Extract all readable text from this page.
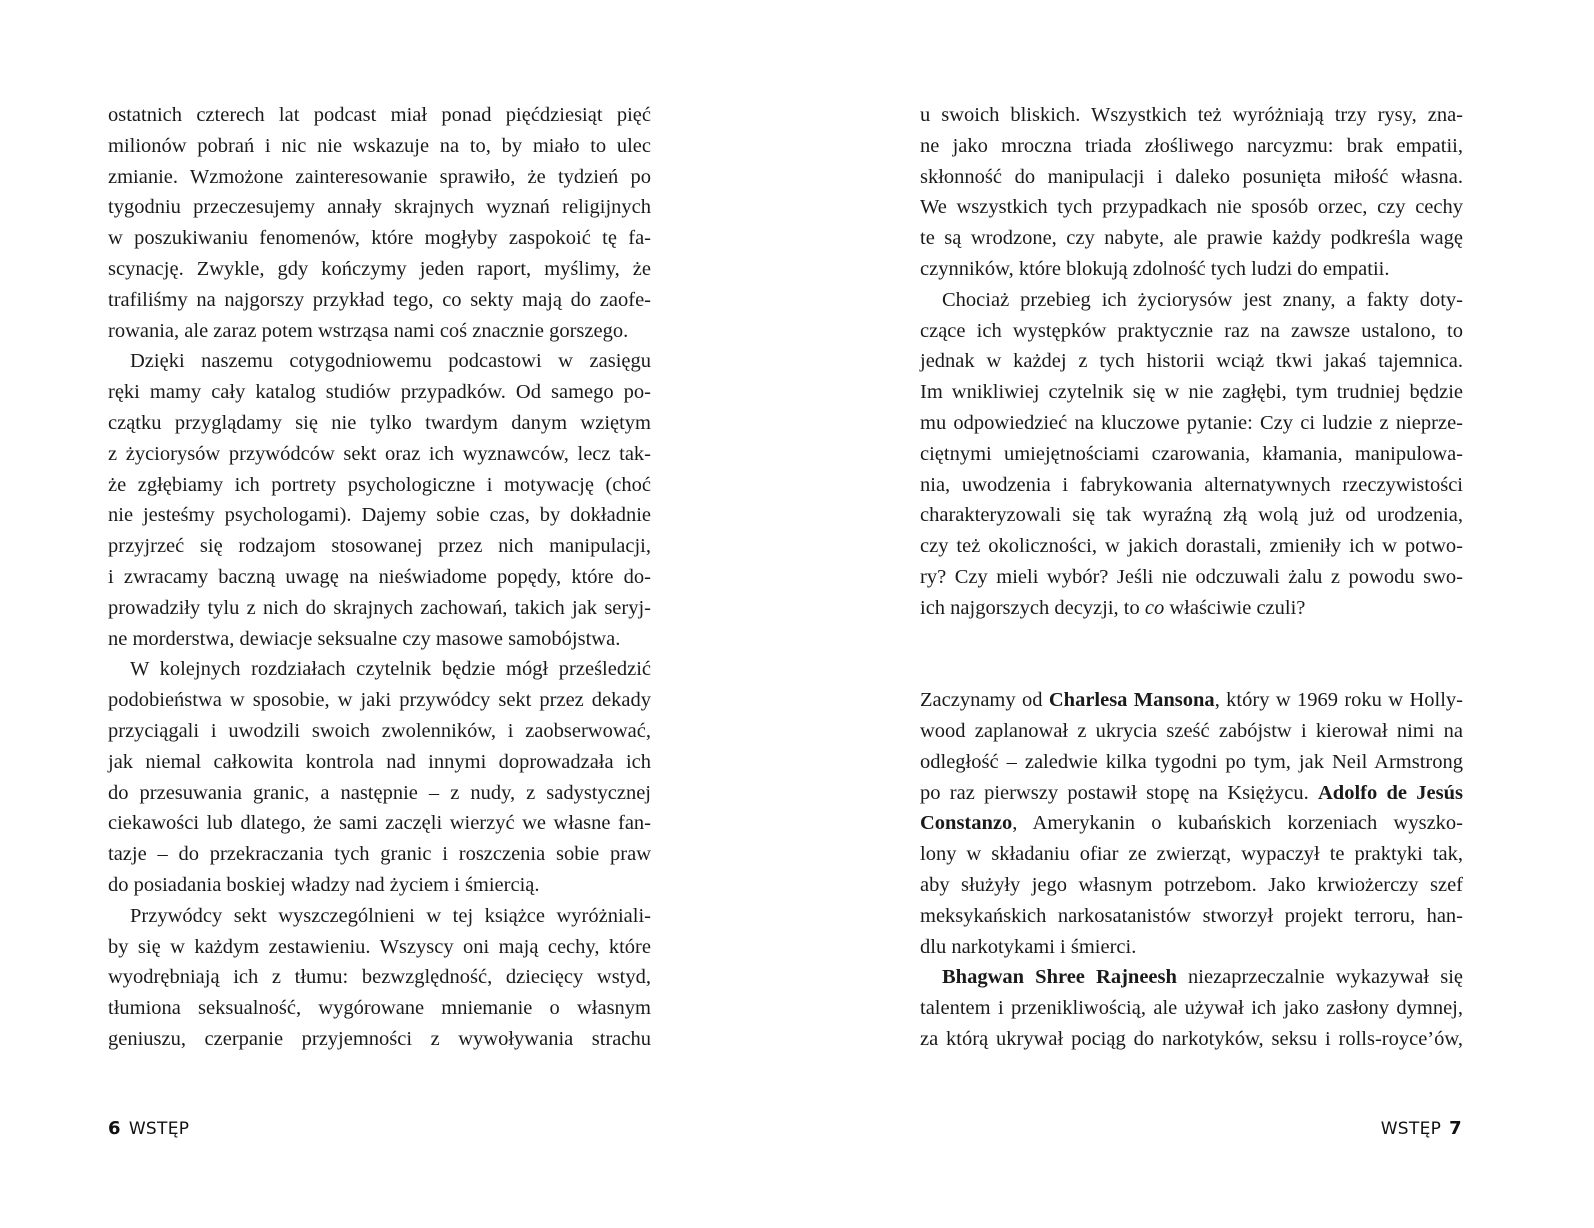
ostatnich czterech lat podcast miał ponad pięćdziesiąt pięć
milionów pobrań i nic nie wskazuje na to, by miało to ulec
zmianie. Wzmożone zainteresowanie sprawiło, że tydzień po
tygodniu przeczesujemy annały skrajnych wyznań religijnych
w poszukiwaniu fenomenów, które mogłyby zaspokoić tę fa-
scynację. Zwykle, gdy kończymy jeden raport, myślimy, że
trafiliśmy na najgorszy przykład tego, co sekty mają do zaofe-
rowania, ale zaraz potem wstrząsa nami coś znacznie gorszego.
Dzięki naszemu cotygodniowemu podcastowi w zasięgu
ręki mamy cały katalog studiów przypadków. Od samego po-
czątku przyglądamy się nie tylko twardym danym wziętym
z życiorysów przywódców sekt oraz ich wyznawców, lecz tak-
że zgłębiamy ich portrety psychologiczne i motywację (choć
nie jesteśmy psychologami). Dajemy sobie czas, by dokładnie
przyjrzeć się rodzajom stosowanej przez nich manipulacji,
i zwracamy baczną uwagę na nieświadome popędy, które do-
prowadziły tylu z nich do skrajnych zachowań, takich jak seryj-
ne morderstwa, dewiacje seksualne czy masowe samobójstwa.
W kolejnych rozdziałach czytelnik będzie mógł prześledzić
podobieństwa w sposobie, w jaki przywódcy sekt przez dekady
przyciągali i uwodzili swoich zwolenników, i zaobserwować,
jak niemal całkowita kontrola nad innymi doprowadzała ich
do przesuwania granic, a następnie – z nudy, z sadystycznej
ciekawości lub dlatego, że sami zaczęli wierzyć we własne fan-
tazje – do przekraczania tych granic i roszczenia sobie praw
do posiadania boskiej władzy nad życiem i śmiercią.
Przywódcy sekt wyszczególnieni w tej książce wyróżniali-
by się w każdym zestawieniu. Wszyscy oni mają cechy, które
wyodrębniają ich z tłumu: bezwzględność, dziecięcy wstyd,
tłumiona seksualność, wygórowane mniemanie o własnym
geniuszu, czerpanie przyjemności z wywoływania strachu
u swoich bliskich. Wszystkich też wyróżniają trzy rysy, zna-
ne jako mroczna triada złośliwego narcyzmu: brak empatii,
skłonność do manipulacji i daleko posunięta miłość własna.
We wszystkich tych przypadkach nie sposób orzec, czy cechy
te są wrodzone, czy nabyte, ale prawie każdy podkreśla wagę
czynników, które blokują zdolność tych ludzi do empatii.
Chociaż przebieg ich życiorysów jest znany, a fakty doty-
czące ich występków praktycznie raz na zawsze ustalono, to
jednak w każdej z tych historii wciąż tkwi jakaś tajemnica.
Im wnikliwiej czytelnik się w nie zagłębi, tym trudniej będzie
mu odpowiedzieć na kluczowe pytanie: Czy ci ludzie z nieprze-
ciętnymi umiejętnościami czarowania, kłamania, manipulowa-
nia, uwodzenia i fabrykowania alternatywnych rzeczywistości
charakteryzowali się tak wyraźną złą wolą już od urodzenia,
czy też okoliczności, w jakich dorastali, zmieniły ich w potwo-
ry? Czy mieli wybór? Jeśli nie odczuwali żalu z powodu swo-
ich najgorszych decyzji, to co właściwie czuli?
Zaczynamy od Charlesa Mansona, który w 1969 roku w Holly-
wood zaplanował z ukrycia sześć zabójstw i kierował nimi na
odległość – zaledwie kilka tygodni po tym, jak Neil Armstrong
po raz pierwszy postawił stopę na Księżycu. Adolfo de Jesús
Constanzo, Amerykanin o kubańskich korzeniach wyszko-
lony w składaniu ofiar ze zwierząt, wypaczył te praktyki tak,
aby służyły jego własnym potrzebom. Jako krwiożerczy szef
meksykańskich narkosatanistów stworzył projekt terroru, han-
dlu narkotykami i śmierci.
Bhagwan Shree Rajneesh niezaprzeczalnie wykazywał się
talentem i przenikliwością, ale używał ich jako zasłony dymnej,
za którą ukrywał pociąg do narkotyków, seksu i rolls-royce’ów,
6 WSTĘP	WSTĘP 7
